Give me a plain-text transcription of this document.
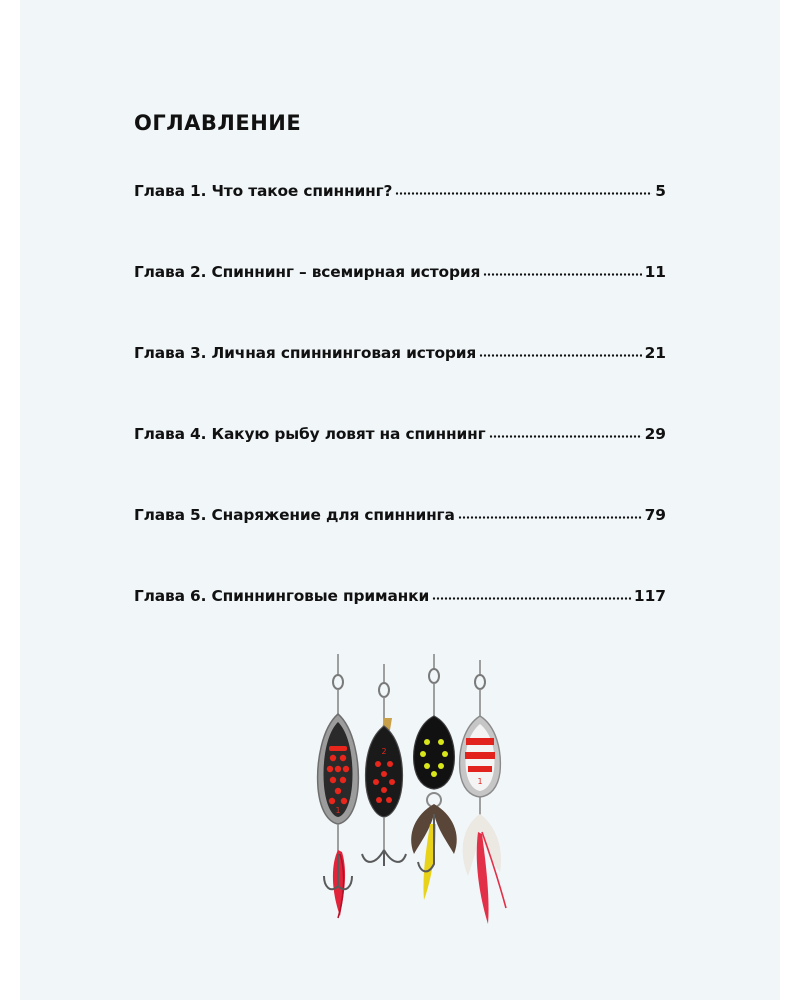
ОГЛАВЛЕНИЕ
Глава 1. Что такое спиннинг?	5
Глава 2. Спиннинг – всемирная история	11
Глава 3. Личная спиннинговая история	21
Глава 4. Какую рыбу ловят на спиннинг	29
Глава 5. Снаряжение для спиннинга	79
Глава 6. Спиннинговые приманки	117
1
2
1
